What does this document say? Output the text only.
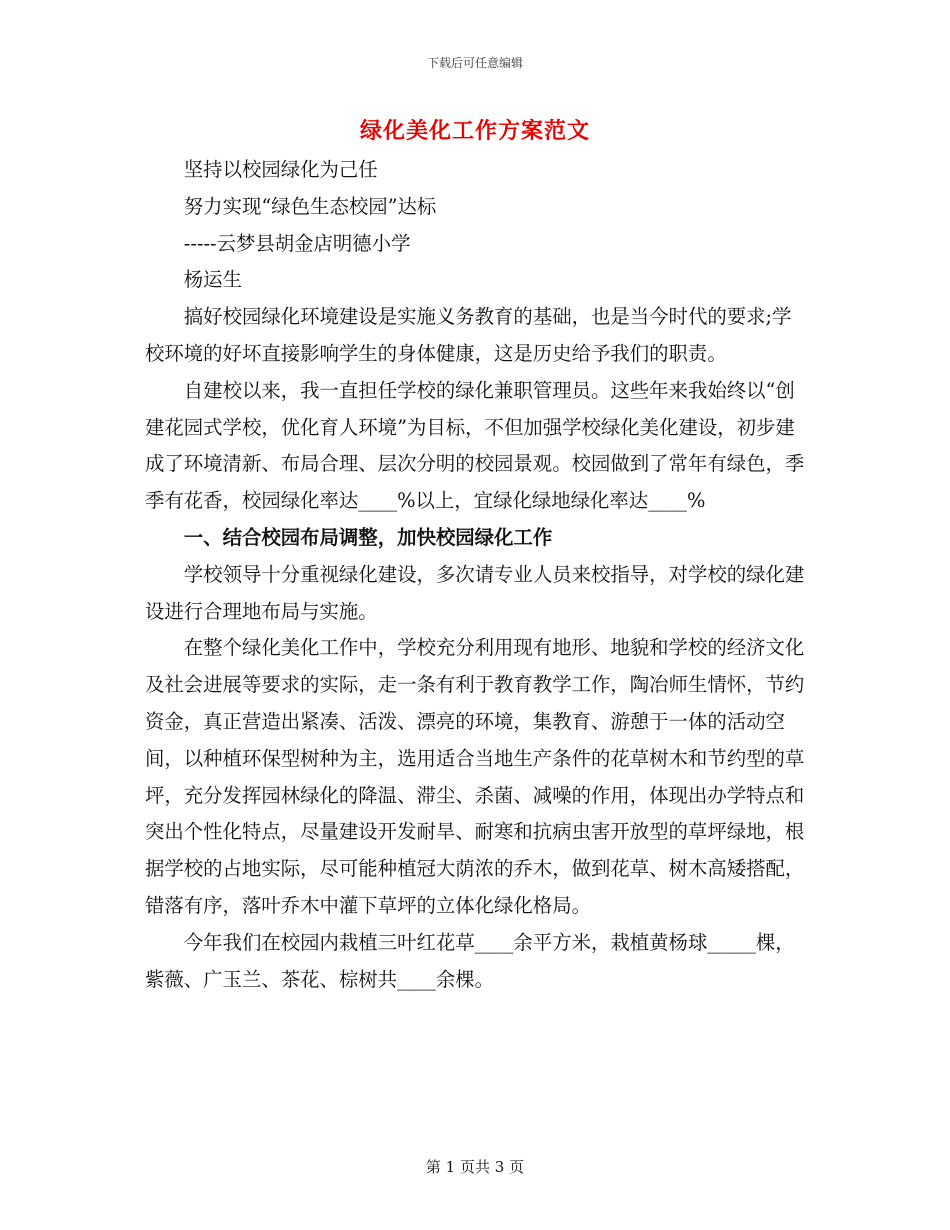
下载后可任意编辑
绿化美化工作方案范文

坚持以校园绿化为己任

努力实现“绿色生态校园”达标

-----云梦县胡金店明德小学

杨运生

搞好校园绿化环境建设是实施义务教育的基础，也是当今时代的要求;学校环境的好坏直接影响学生的身体健康，这是历史给予我们的职责。

自建校以来，我一直担任学校的绿化兼职管理员。这些年来我始终以“创建花园式学校，优化育人环境”为目标，不但加强学校绿化美化建设，初步建成了环境清新、布局合理、层次分明的校园景观。校园做到了常年有绿色，季季有花香，校园绿化率达____%以上，宜绿化绿地绿化率达____%

一、结合校园布局调整，加快校园绿化工作

学校领导十分重视绿化建设，多次请专业人员来校指导，对学校的绿化建设进行合理地布局与实施。

在整个绿化美化工作中，学校充分利用现有地形、地貌和学校的经济文化及社会进展等要求的实际，走一条有利于教育教学工作，陶冶师生情怀，节约资金，真正营造出紧凑、活泼、漂亮的环境，集教育、游憩于一体的活动空间，以种植环保型树种为主，选用适合当地生产条件的花草树木和节约型的草坪，充分发挥园林绿化的降温、滞尘、杀菌、减噪的作用，体现出办学特点和突出个性化特点，尽量建设开发耐旱、耐寒和抗病虫害开放型的草坪绿地，根据学校的占地实际，尽可能种植冠大荫浓的乔木，做到花草、树木高矮搭配，错落有序，落叶乔木中灌下草坪的立体化绿化格局。

今年我们在校园内栽植三叶红花草____余平方米，栽植黄杨球_____棵，紫薇、广玉兰、茶花、棕树共____余棵。

第 1 页共 3 页
